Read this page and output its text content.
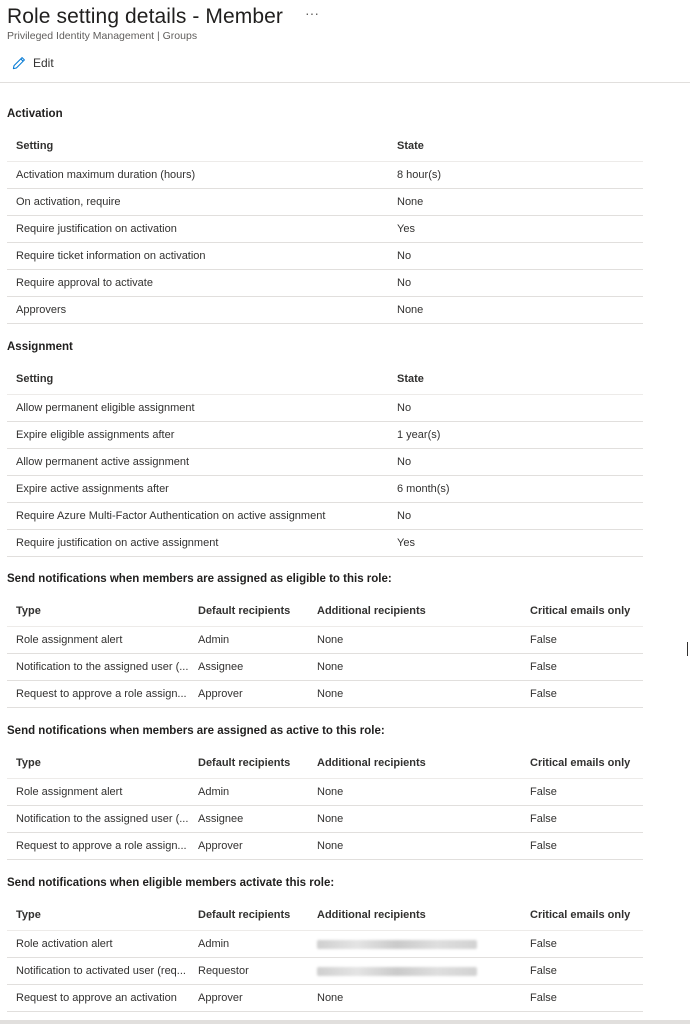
Role setting details - Member ···
Privileged Identity Management | Groups
Edit
Activation
Setting	State
Activation maximum duration (hours)	8 hour(s)
On activation, require	None
Require justification on activation	Yes
Require ticket information on activation	No
Require approval to activate	No
Approvers	None
Assignment
Setting	State
Allow permanent eligible assignment	No
Expire eligible assignments after	1 year(s)
Allow permanent active assignment	No
Expire active assignments after	6 month(s)
Require Azure Multi-Factor Authentication on active assignment	No
Require justification on active assignment	Yes
Send notifications when members are assigned as eligible to this role:
Type	Default recipients	Additional recipients	Critical emails only
Role assignment alert	Admin	None	False
Notification to the assigned user (...	Assignee	None	False
Request to approve a role assign...	Approver	None	False
Send notifications when members are assigned as active to this role:
Type	Default recipients	Additional recipients	Critical emails only
Role assignment alert	Admin	None	False
Notification to the assigned user (...	Assignee	None	False
Request to approve a role assign...	Approver	None	False
Send notifications when eligible members activate this role:
Type	Default recipients	Additional recipients	Critical emails only
Role activation alert	Admin		False
Notification to activated user (req...	Requestor		False
Request to approve an activation	Approver	None	False
